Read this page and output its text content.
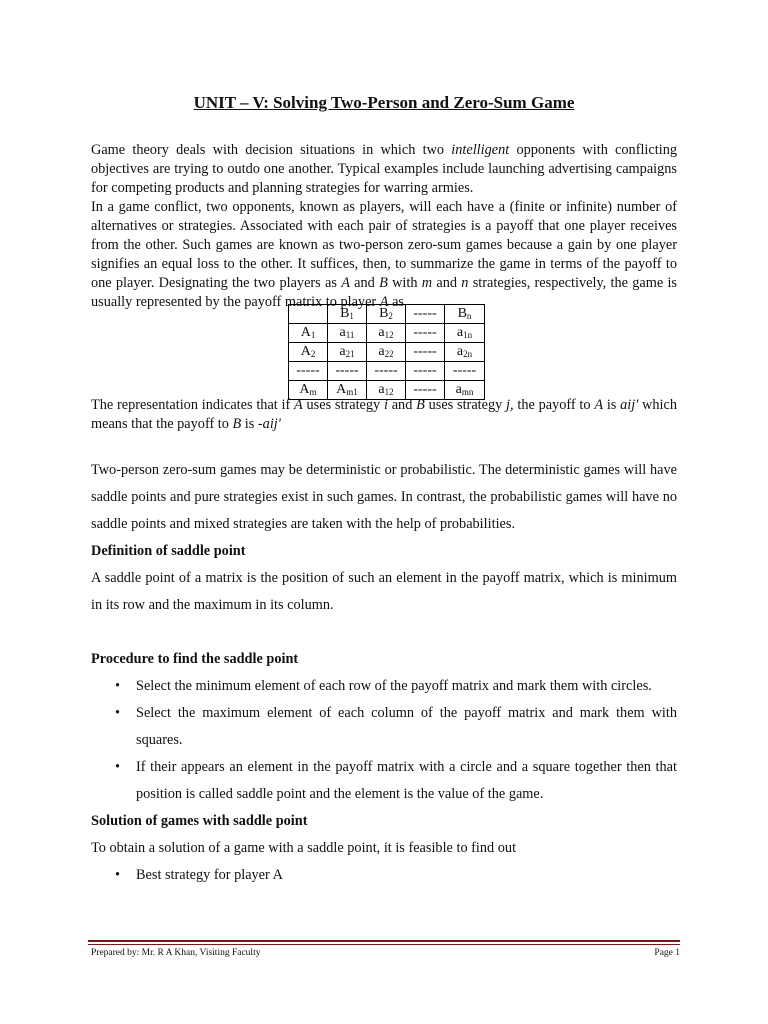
UNIT – V: Solving Two-Person and Zero-Sum Game

Game theory deals with decision situations in which two intelligent opponents with conflicting objectives are trying to outdo one another. Typical examples include launching advertising campaigns for competing products and planning strategies for warring armies.

In a game conflict, two opponents, known as players, will each have a (finite or infinite) number of alternatives or strategies. Associated with each pair of strategies is a payoff that one player receives from the other. Such games are known as two-person zero-sum games because a gain by one player signifies an equal loss to the other. It suffices, then, to summarize the game in terms of the payoff to one player. Designating the two players as A and B with m and n strategies, respectively, the game is usually represented by the payoff matrix to player A as

	$B_1$	$B_2$	-----	$B_n$
$A_1$	$a_{11}$	$a_{12}$	-----	$a_{1n}$
$A_2$	$a_{21}$	$a_{22}$	-----	$a_{2n}$
-----	-----	-----	-----	-----
$A_m$	$A_{m1}$	$a_{12}$	-----	$a_{mn}$

The representation indicates that if A uses strategy i and B uses strategy j, the payoff to A is aij' which means that the payoff to B is -aij'

Two-person zero-sum games may be deterministic or probabilistic. The deterministic games will have saddle points and pure strategies exist in such games. In contrast, the probabilistic games will have no saddle points and mixed strategies are taken with the help of probabilities.

Definition of saddle point

A saddle point of a matrix is the position of such an element in the payoff matrix, which is minimum in its row and the maximum in its column.

Procedure to find the saddle point

• Select the minimum element of each row of the payoff matrix and mark them with circles.
• Select the maximum element of each column of the payoff matrix and mark them with squares.
• If their appears an element in the payoff matrix with a circle and a square together then that position is called saddle point and the element is the value of the game.

Solution of games with saddle point

To obtain a solution of a game with a saddle point, it is feasible to find out

• Best strategy for player A
Prepared by: Mr. R A Khan, Visiting Faculty	Page 1
